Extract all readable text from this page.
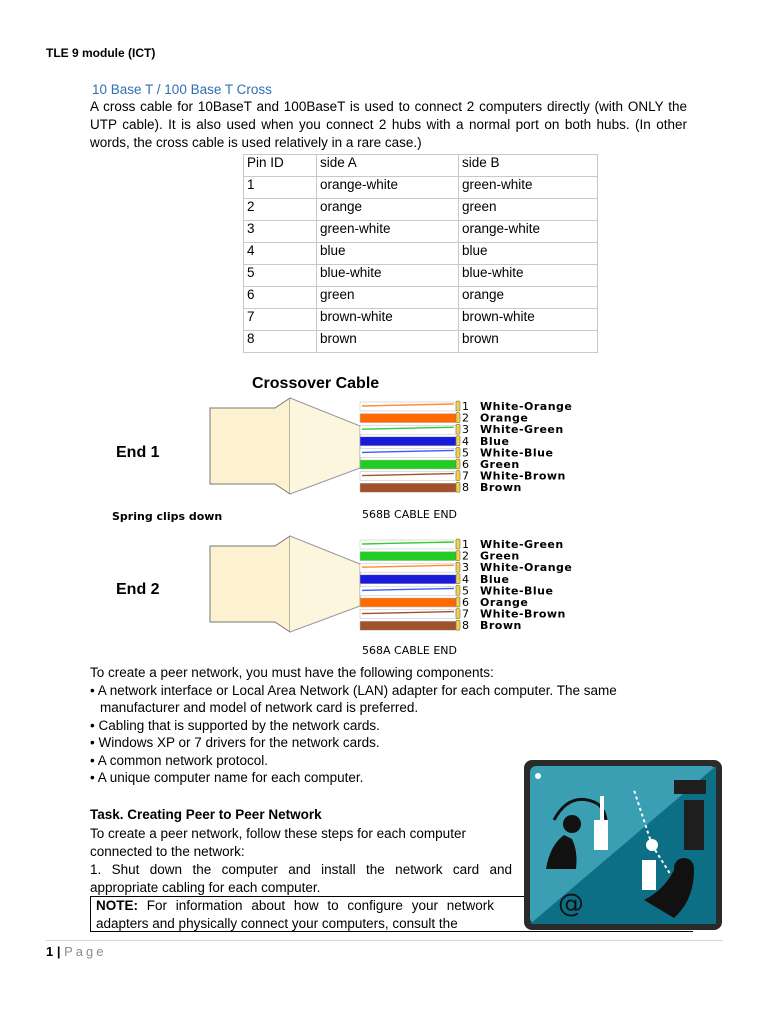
TLE 9 module (ICT)
10 Base T / 100 Base T Cross
A cross cable for 10BaseT and 100BaseT is used to connect 2 computers directly (with ONLY the UTP cable). It is also used when you connect 2 hubs with a normal port on both hubs. (In other words, the cross cable is used relatively in a rare case.)
Pin ID	side A	side B
1	orange-white	green-white
2	orange	green
3	green-white	orange-white
4	blue	blue
5	blue-white	blue-white
6	green	orange
7	brown-white	brown-white
8	brown	brown
Crossover Cable
End 1
Spring clips down	568B CABLE END
End 2
568A CABLE END
1 White-Orange
2 Orange
3 White-Green
4 Blue
5 White-Blue
6 Green
7 White-Brown
8 Brown
1 White-Green
2 Green
3 White-Orange
4 Blue
5 White-Blue
6 Orange
7 White-Brown
8 Brown
To create a peer network, you must have the following components:
• A network interface or Local Area Network (LAN) adapter for each computer. The same
manufacturer and model of network card is preferred.
• Cabling that is supported by the network cards.
• Windows XP or 7 drivers for the network cards.
• A common network protocol.
• A unique computer name for each computer.
Task. Creating Peer to Peer Network
To create a peer network, follow these steps for each computer connected to the network:
1. Shut down the computer and install the network card and appropriate cabling for each computer.
NOTE: For information about how to configure your network adapters and physically connect your computers, consult the
@
1 | Page
